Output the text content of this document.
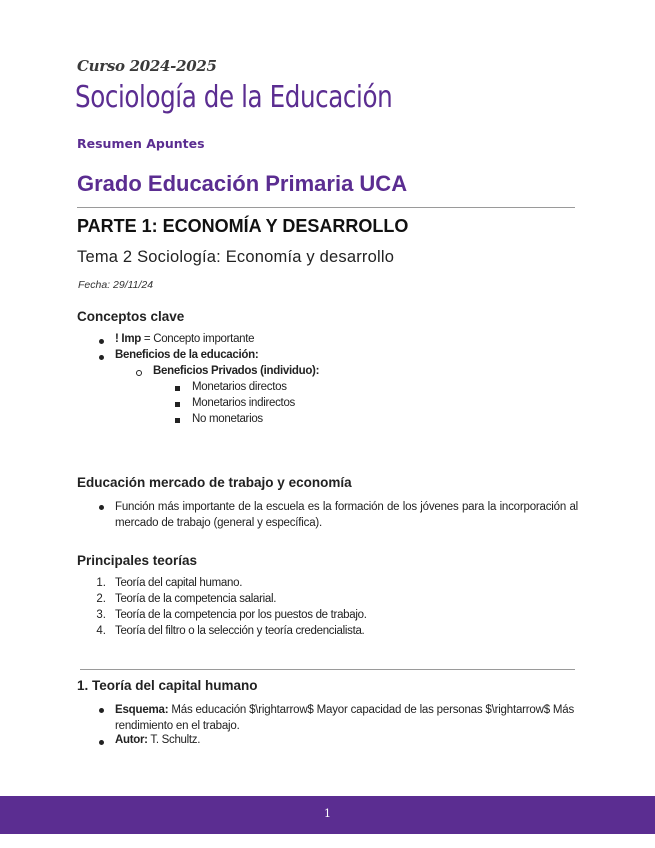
Curso 2024-2025
Sociología de la Educación
Resumen Apuntes
Grado Educación Primaria UCA
PARTE 1: ECONOMÍA Y DESARROLLO
Tema 2 Sociología: Economía y desarrollo
Fecha: 29/11/24
Conceptos clave
! Imp = Concepto importante
Beneficios de la educación:
Beneficios Privados (individuo):
Monetarios directos
Monetarios indirectos
No monetarios
Educación mercado de trabajo y economía
Función más importante de la escuela es la formación de los jóvenes para la incorporación al mercado de trabajo (general y específica).
Principales teorías
1. Teoría del capital humano.
2. Teoría de la competencia salarial.
3. Teoría de la competencia por los puestos de trabajo.
4. Teoría del filtro o la selección y teoría credencialista.
1. Teoría del capital humano
Esquema: Más educación $\rightarrow$ Mayor capacidad de las personas $\rightarrow$ Más rendimiento en el trabajo.
Autor: T. Schultz.
1
